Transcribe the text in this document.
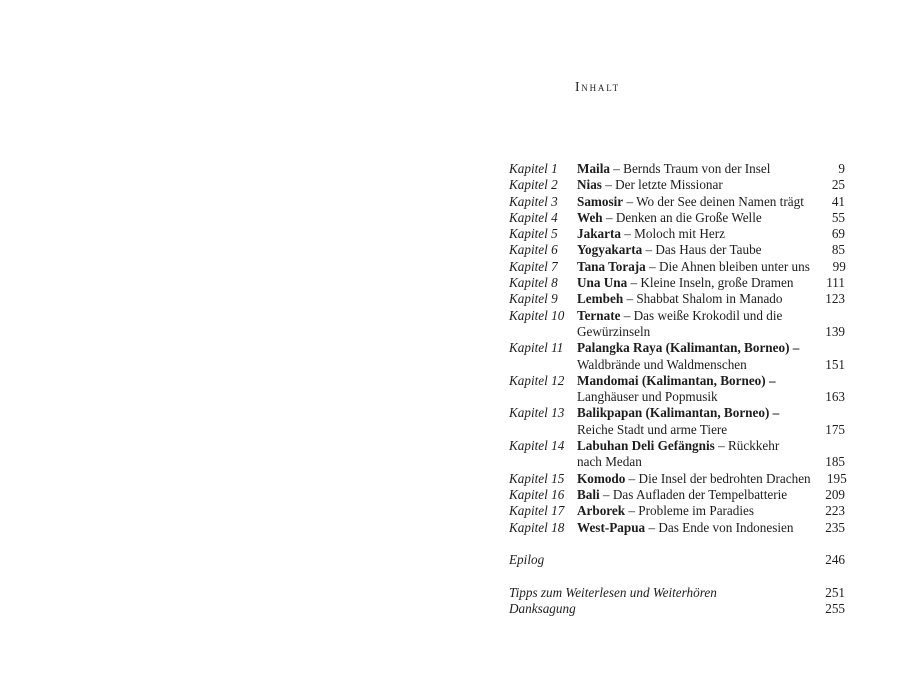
Inhalt
Kapitel 1	Maila – Bernds Traum von der Insel	9
Kapitel 2	Nias – Der letzte Missionar	25
Kapitel 3	Samosir – Wo der See deinen Namen trägt	41
Kapitel 4	Weh – Denken an die Große Welle	55
Kapitel 5	Jakarta – Moloch mit Herz	69
Kapitel 6	Yogyakarta – Das Haus der Taube	85
Kapitel 7	Tana Toraja – Die Ahnen bleiben unter uns	99
Kapitel 8	Una Una – Kleine Inseln, große Dramen	111
Kapitel 9	Lembeh – Shabbat Shalom in Manado	123
Kapitel 10 Ternate – Das weiße Krokodil und die
Gewürzinseln	139
Kapitel 11	Palangka Raya (Kalimantan, Borneo) –
Waldbrände und Waldmenschen	151
Kapitel 12 Mandomai (Kalimantan, Borneo) –
Langhäuser und Popmusik	163
Kapitel 13 Balikpapan (Kalimantan, Borneo) –
Reiche Stadt und arme Tiere	175
Kapitel 14 Labuhan Deli Gefängnis – Rückkehr
nach Medan	185
Kapitel 15 Komodo – Die Insel der bedrohten Drachen	195
Kapitel 16 Bali – Das Aufladen der Tempelbatterie	209
Kapitel 17 Arborek – Probleme im Paradies	223
Kapitel 18 West-Papua – Das Ende von Indonesien	235
Epilog	246
Tipps zum Weiterlesen und Weiterhören	251
Danksagung	255
